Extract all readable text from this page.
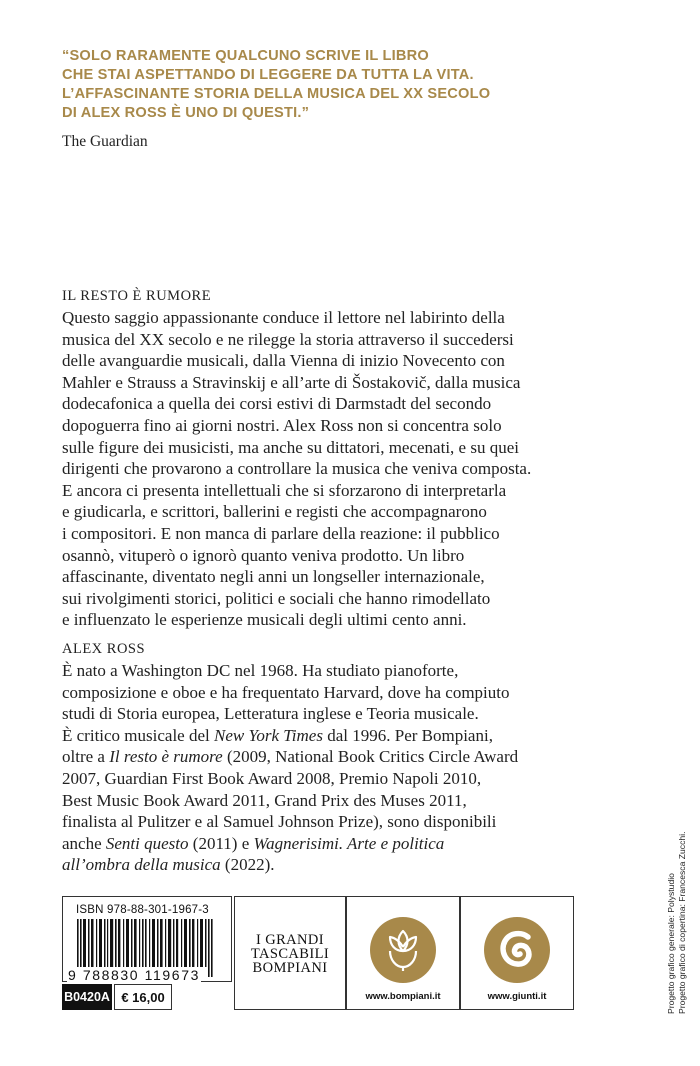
“SOLO RARAMENTE QUALCUNO SCRIVE IL LIBRO
CHE STAI ASPETTANDO DI LEGGERE DA TUTTA LA VITA.
L’AFFASCINANTE STORIA DELLA MUSICA DEL XX SECOLO
DI ALEX ROSS È UNO DI QUESTI.”
The Guardian
IL RESTO È RUMORE
Questo saggio appassionante conduce il lettore nel labirinto della
musica del XX secolo e ne rilegge la storia attraverso il succedersi
delle avanguardie musicali, dalla Vienna di inizio Novecento con
Mahler e Strauss a Stravinskij e all’arte di Šostakovič, dalla musica
dodecafonica a quella dei corsi estivi di Darmstadt del secondo
dopoguerra fino ai giorni nostri. Alex Ross non si concentra solo
sulle figure dei musicisti, ma anche su dittatori, mecenati, e su quei
dirigenti che provarono a controllare la musica che veniva composta.
E ancora ci presenta intellettuali che si sforzarono di interpretarla
e giudicarla, e scrittori, ballerini e registi che accompagnarono
i compositori. E non manca di parlare della reazione: il pubblico
osannò, vituperò o ignorò quanto veniva prodotto. Un libro
affascinante, diventato negli anni un longseller internazionale,
sui rivolgimenti storici, politici e sociali che hanno rimodellato
e influenzato le esperienze musicali degli ultimi cento anni.
ALEX ROSS
È nato a Washington DC nel 1968. Ha studiato pianoforte,
composizione e oboe e ha frequentato Harvard, dove ha compiuto
studi di Storia europea, Letteratura inglese e Teoria musicale.
È critico musicale del New York Times dal 1996. Per Bompiani,
oltre a Il resto è rumore (2009, National Book Critics Circle Award
2007, Guardian First Book Award 2008, Premio Napoli 2010,
Best Music Book Award 2011, Grand Prix des Muses 2011,
finalista al Pulitzer e al Samuel Johnson Prize), sono disponibili
anche Senti questo (2011) e Wagnerisimi. Arte e politica
all’ombra della musica (2022).
ISBN 978-88-301-1967-3
9 788830 119673
B0420A € 16,00
I GRANDI
TASCABILI
BOMPIANI
www.bompiani.it	www.giunti.it	Progetto grafico generale: Polystudio Progetto grafico di copertina: Francesca Zucchi.
